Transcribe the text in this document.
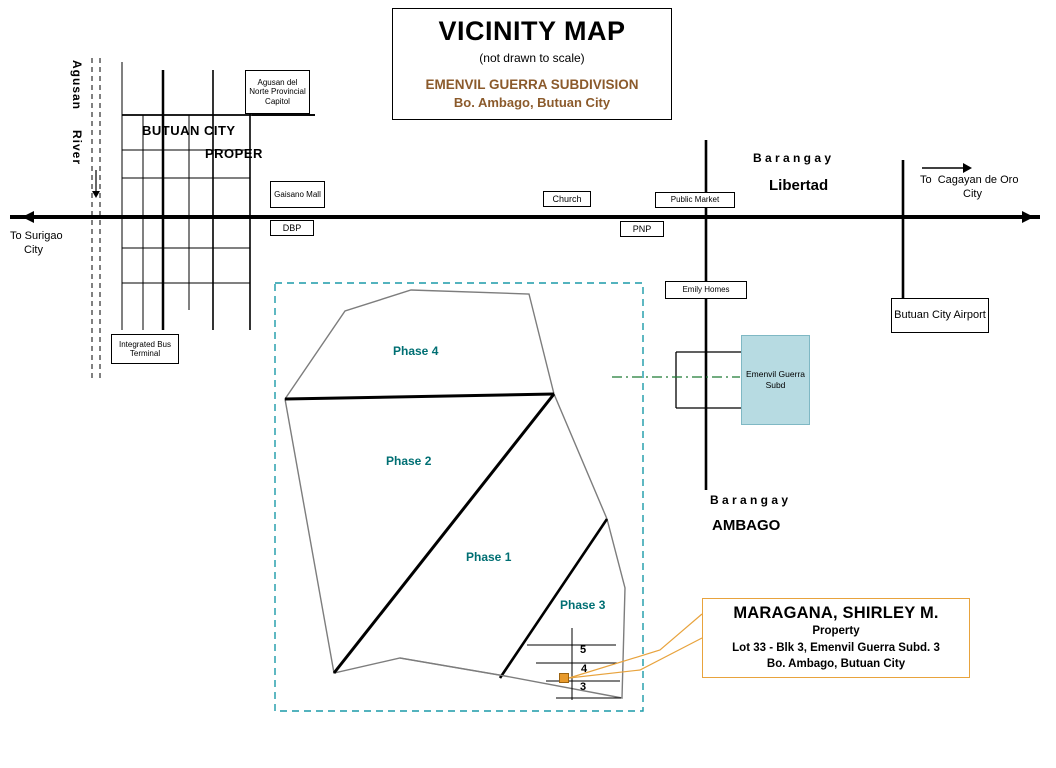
VICINITY MAP
(not drawn to scale)
EMENVIL GUERRA SUBDIVISION
Bo. Ambago, Butuan City
Agusan del Norte Provincial Capitol
Gaisano Mall
DBP
Church	Public Market
PNP
Emily Homes
Integrated Bus Terminal
Butuan City Airport
Emenvil Guerra Subd
Agusan
River	BUTUAN CITY
PROPER
To Surigao
City
To  Cagayan de Oro
City
B a r a n g a y
Libertad
B a r a n g a y
AMBAGO
Phase 4
Phase 2
Phase 1
Phase 3
5
4
3
MARAGANA, SHIRLEY M.
Property
Lot 33 - Blk 3, Emenvil Guerra Subd. 3
Bo. Ambago, Butuan City
